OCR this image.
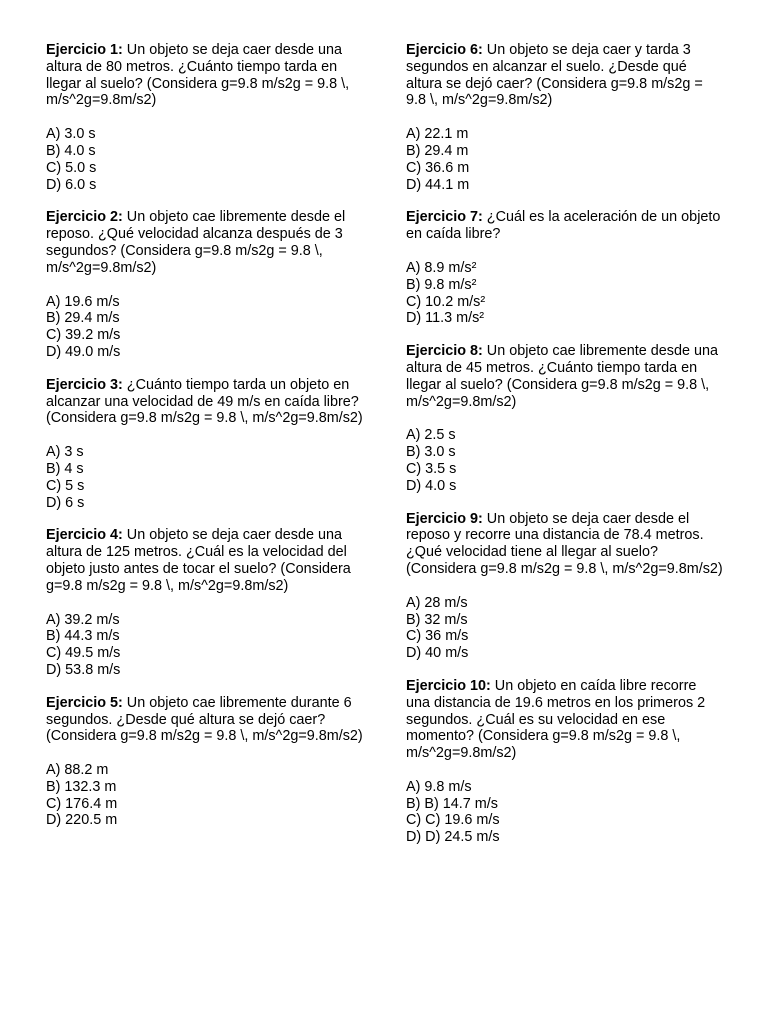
Ejercicio 1: Un objeto se deja caer desde una altura de 80 metros. ¿Cuánto tiempo tarda en llegar al suelo? (Considera g=9.8 m/s2g = 9.8 \, m/s^2g=9.8m/s2)

A) 3.0 s
B) 4.0 s
C) 5.0 s
D) 6.0 s

Ejercicio 2: Un objeto cae libremente desde el reposo. ¿Qué velocidad alcanza después de 3 segundos? (Considera g=9.8 m/s2g = 9.8 \, m/s^2g=9.8m/s2)

A) 19.6 m/s
B) 29.4 m/s
C) 39.2 m/s
D) 49.0 m/s

Ejercicio 3: ¿Cuánto tiempo tarda un objeto en alcanzar una velocidad de 49 m/s en caída libre? (Considera g=9.8 m/s2g = 9.8 \, m/s^2g=9.8m/s2)

A) 3 s
B) 4 s
C) 5 s
D) 6 s

Ejercicio 4: Un objeto se deja caer desde una altura de 125 metros. ¿Cuál es la velocidad del objeto justo antes de tocar el suelo? (Considera g=9.8 m/s2g = 9.8 \, m/s^2g=9.8m/s2)

A) 39.2 m/s
B) 44.3 m/s
C) 49.5 m/s
D) 53.8 m/s

Ejercicio 5: Un objeto cae libremente durante 6 segundos. ¿Desde qué altura se dejó caer? (Considera g=9.8 m/s2g = 9.8 \, m/s^2g=9.8m/s2)

A) 88.2 m
B) 132.3 m
C) 176.4 m
D) 220.5 m

Ejercicio 6: Un objeto se deja caer y tarda 3 segundos en alcanzar el suelo. ¿Desde qué altura se dejó caer? (Considera g=9.8 m/s2g = 9.8 \, m/s^2g=9.8m/s2)

A) 22.1 m
B) 29.4 m
C) 36.6 m
D) 44.1 m

Ejercicio 7: ¿Cuál es la aceleración de un objeto en caída libre?

A) 8.9 m/s²
B) 9.8 m/s²
C) 10.2 m/s²
D) 11.3 m/s²

Ejercicio 8: Un objeto cae libremente desde una altura de 45 metros. ¿Cuánto tiempo tarda en llegar al suelo? (Considera g=9.8 m/s2g = 9.8 \, m/s^2g=9.8m/s2)

A) 2.5 s
B) 3.0 s
C) 3.5 s
D) 4.0 s

Ejercicio 9: Un objeto se deja caer desde el reposo y recorre una distancia de 78.4 metros. ¿Qué velocidad tiene al llegar al suelo? (Considera g=9.8 m/s2g = 9.8 \, m/s^2g=9.8m/s2)

A) 28 m/s
B) 32 m/s
C) 36 m/s
D) 40 m/s

Ejercicio 10: Un objeto en caída libre recorre una distancia de 19.6 metros en los primeros 2 segundos. ¿Cuál es su velocidad en ese momento? (Considera g=9.8 m/s2g = 9.8 \, m/s^2g=9.8m/s2)

A) 9.8 m/s
B) B) 14.7 m/s
C) C) 19.6 m/s
D) D) 24.5 m/s
